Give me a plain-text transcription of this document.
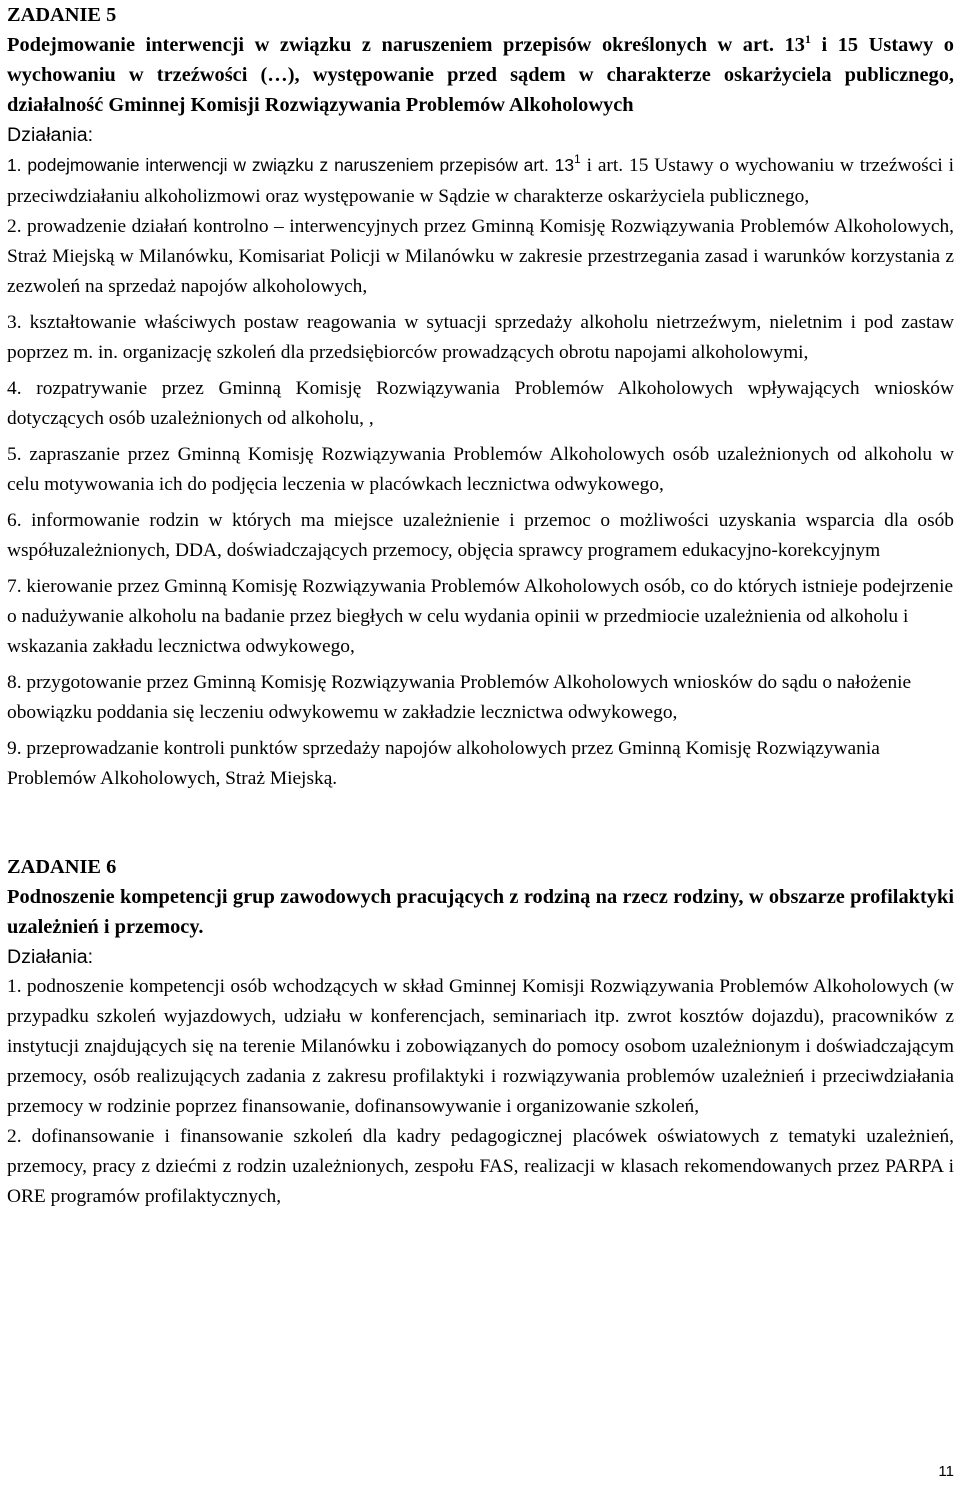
ZADANIE 5

Podejmowanie interwencji w związku z naruszeniem przepisów określonych w art. $13^1$ i 15 Ustawy o wychowaniu w trzeźwości (…), występowanie przed sądem w charakterze oskarżyciela publicznego, działalność Gminnej Komisji Rozwiązywania Problemów Alkoholowych

Działania:

1. podejmowanie interwencji w związku z naruszeniem przepisów art. $13^1$ i art. 15 Ustawy o wychowaniu w trzeźwości i przeciwdziałaniu alkoholizmowi oraz występowanie w Sądzie w charakterze oskarżyciela publicznego,

2. prowadzenie działań kontrolno – interwencyjnych przez Gminną Komisję Rozwiązywania Problemów Alkoholowych, Straż Miejską w Milanówku, Komisariat Policji w Milanówku w zakresie przestrzegania zasad i warunków korzystania z zezwoleń na sprzedaż napojów alkoholowych,

3. kształtowanie właściwych postaw reagowania w sytuacji sprzedaży alkoholu nietrzeźwym, nieletnim i pod zastaw poprzez m. in. organizację szkoleń dla przedsiębiorców prowadzących obrotu napojami alkoholowymi,

4. rozpatrywanie przez Gminną Komisję Rozwiązywania Problemów Alkoholowych wpływających wniosków dotyczących osób uzależnionych od alkoholu, ,

5. zapraszanie przez Gminną Komisję Rozwiązywania Problemów Alkoholowych osób uzależnionych od alkoholu w celu motywowania ich do podjęcia leczenia w placówkach lecznictwa odwykowego,

6. informowanie rodzin w których ma miejsce uzależnienie i przemoc o możliwości uzyskania wsparcia dla osób współuzależnionych, DDA, doświadczających przemocy, objęcia sprawcy programem edukacyjno-korekcyjnym

7. kierowanie przez Gminną Komisję Rozwiązywania Problemów Alkoholowych osób, co do których istnieje podejrzenie o nadużywanie alkoholu na badanie przez biegłych w celu wydania opinii w przedmiocie uzależnienia od alkoholu i wskazania zakładu lecznictwa odwykowego,

8. przygotowanie przez Gminną Komisję Rozwiązywania Problemów Alkoholowych wniosków do sądu o nałożenie obowiązku poddania się leczeniu odwykowemu w zakładzie lecznictwa odwykowego,

9. przeprowadzanie kontroli punktów sprzedaży napojów alkoholowych przez Gminną Komisję Rozwiązywania Problemów Alkoholowych, Straż Miejską.

ZADANIE 6

Podnoszenie kompetencji grup zawodowych pracujących z rodziną na rzecz rodziny, w obszarze profilaktyki uzależnień i przemocy.

Działania:

1. podnoszenie kompetencji osób wchodzących w skład Gminnej Komisji Rozwiązywania Problemów Alkoholowych (w przypadku szkoleń wyjazdowych, udziału w konferencjach, seminariach itp. zwrot kosztów dojazdu), pracowników z instytucji znajdujących się na terenie Milanówku i zobowiązanych do pomocy osobom uzależnionym i doświadczającym przemocy, osób realizujących zadania z zakresu profilaktyki i rozwiązywania problemów uzależnień i przeciwdziałania przemocy w rodzinie poprzez finansowanie, dofinansowywanie i organizowanie szkoleń,

2. dofinansowanie i finansowanie szkoleń dla kadry pedagogicznej placówek oświatowych z tematyki uzależnień, przemocy, pracy z dziećmi z rodzin uzależnionych, zespołu FAS, realizacji w klasach rekomendowanych przez PARPA i ORE programów profilaktycznych,

11
